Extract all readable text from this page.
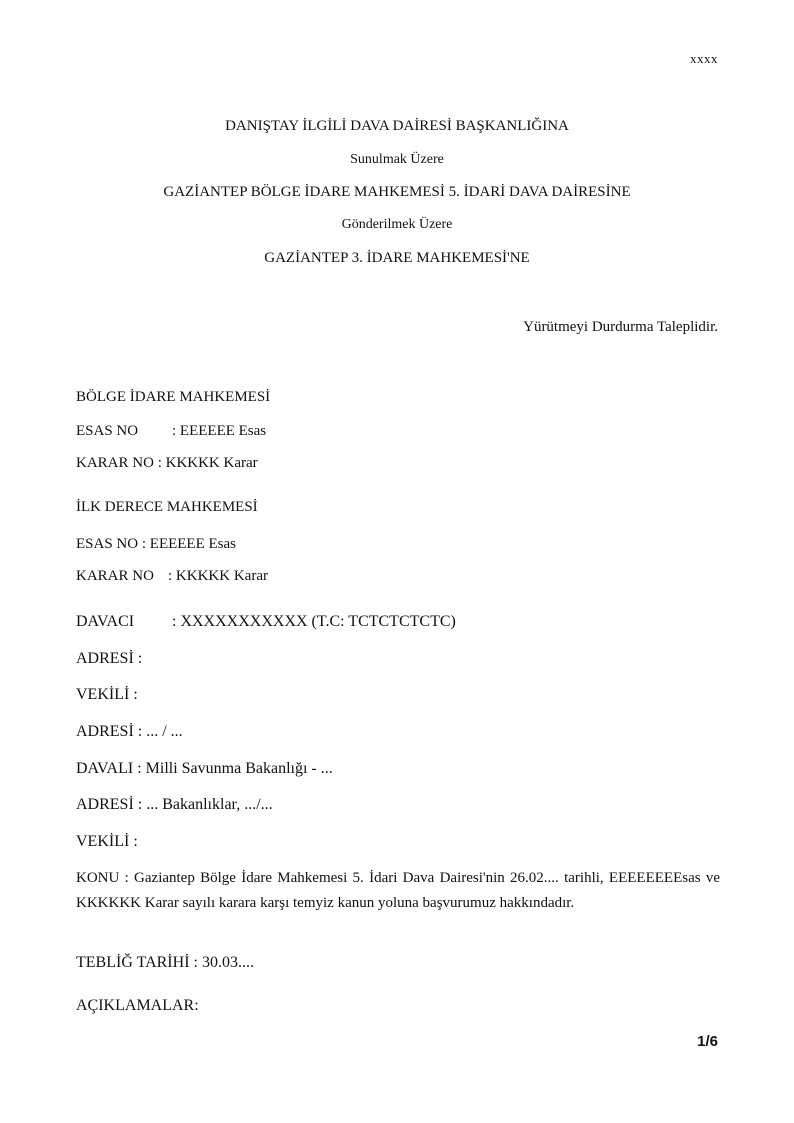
xxxx
DANIŞTAY İLGİLİ DAVA DAİRESİ BAŞKANLIĞINA
Sunulmak Üzere
GAZİANTEP BÖLGE İDARE MAHKEMESİ 5. İDARİ DAVA DAİRESİNE
Gönderilmek Üzere
GAZİANTEP 3. İDARE MAHKEMESİ'NE
Yürütmeyi Durdurma Taleplidir.
BÖLGE İDARE MAHKEMESİ
ESAS NO : EEEEEE Esas
KARAR NO : KKKKK Karar
İLK DERECE MAHKEMESİ
ESAS NO : EEEEEE Esas
KARAR NO : KKKKK Karar
DAVACI : XXXXXXXXXXX (T.C: TCTCTCTCTC)
ADRESİ :
VEKİLİ :
ADRESİ : ... / ...
DAVALI : Milli Savunma Bakanlığı - ...
ADRESİ : ... Bakanlıklar, .../...
VEKİLİ :
KONU : Gaziantep Bölge İdare Mahkemesi 5. İdari Dava Dairesi'nin 26.02.... tarihli, EEEEEEEEsas ve KKKKKK Karar sayılı karara karşı temyiz kanun yoluna başvurumuz hakkındadır.
TEBLİĞ TARİHİ : 30.03....
AÇIKLAMALAR:
1/6
